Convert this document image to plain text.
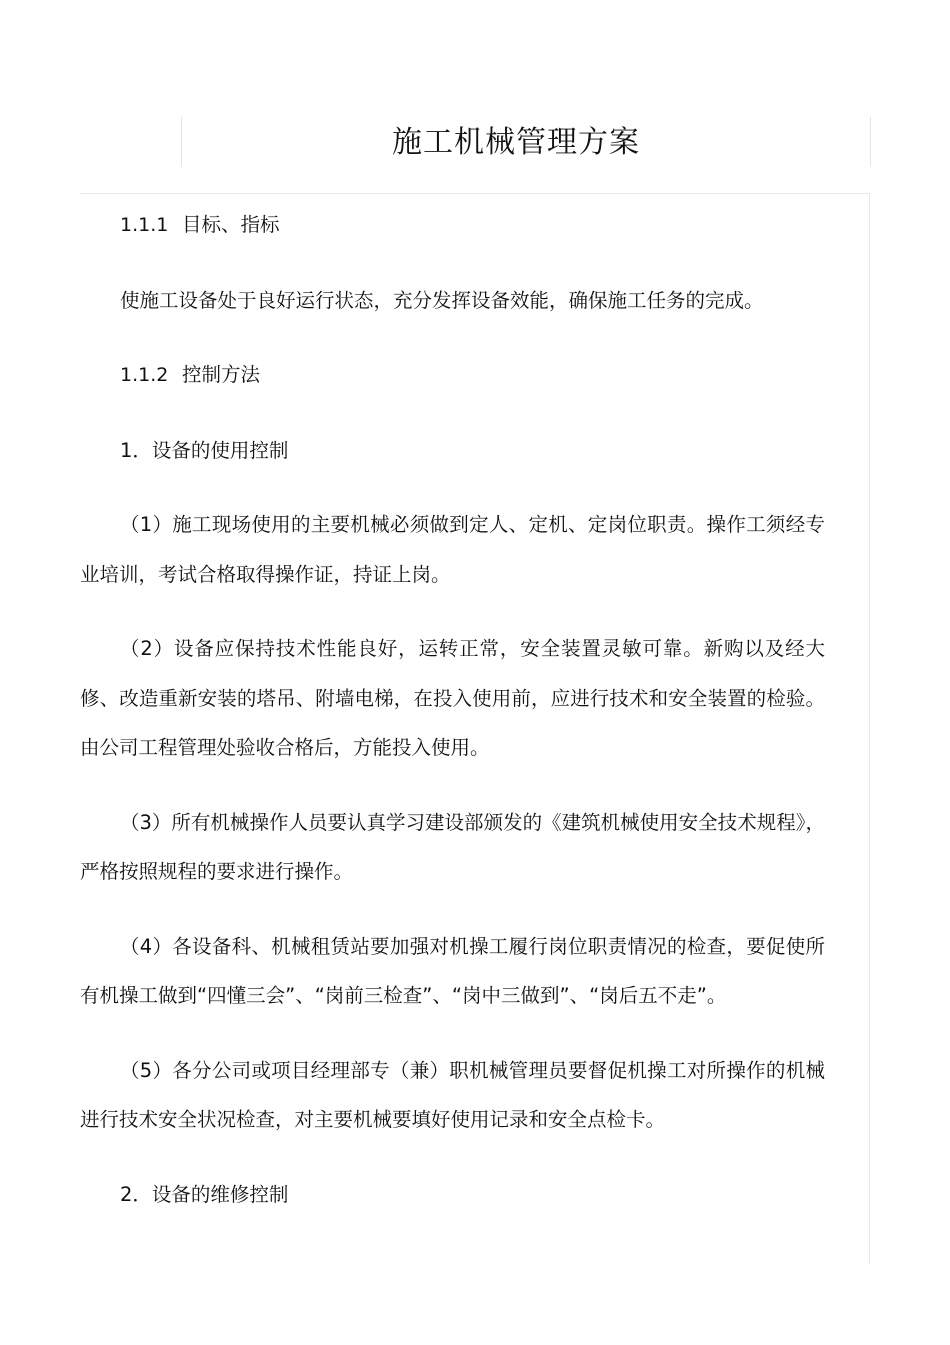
施工机械管理方案

1.1.1 目标、指标

使施工设备处于良好运行状态，充分发挥设备效能，确保施工任务的完成。

1.1.2 控制方法

1．设备的使用控制

（1）施工现场使用的主要机械必须做到定人、定机、定岗位职责。操作工须经专业培训，考试合格取得操作证，持证上岗。

（2）设备应保持技术性能良好，运转正常，安全装置灵敏可靠。新购以及经大修、改造重新安装的塔吊、附墙电梯，在投入使用前，应进行技术和安全装置的检验。由公司工程管理处验收合格后，方能投入使用。

（3）所有机械操作人员要认真学习建设部颁发的《建筑机械使用安全技术规程》，严格按照规程的要求进行操作。

（4）各设备科、机械租赁站要加强对机操工履行岗位职责情况的检查，要促使所有机操工做到“四懂三会”、“岗前三检查”、“岗中三做到”、“岗后五不走”。

（5）各分公司或项目经理部专（兼）职机械管理员要督促机操工对所操作的机械进行技术安全状况检查，对主要机械要填好使用记录和安全点检卡。

2．设备的维修控制
